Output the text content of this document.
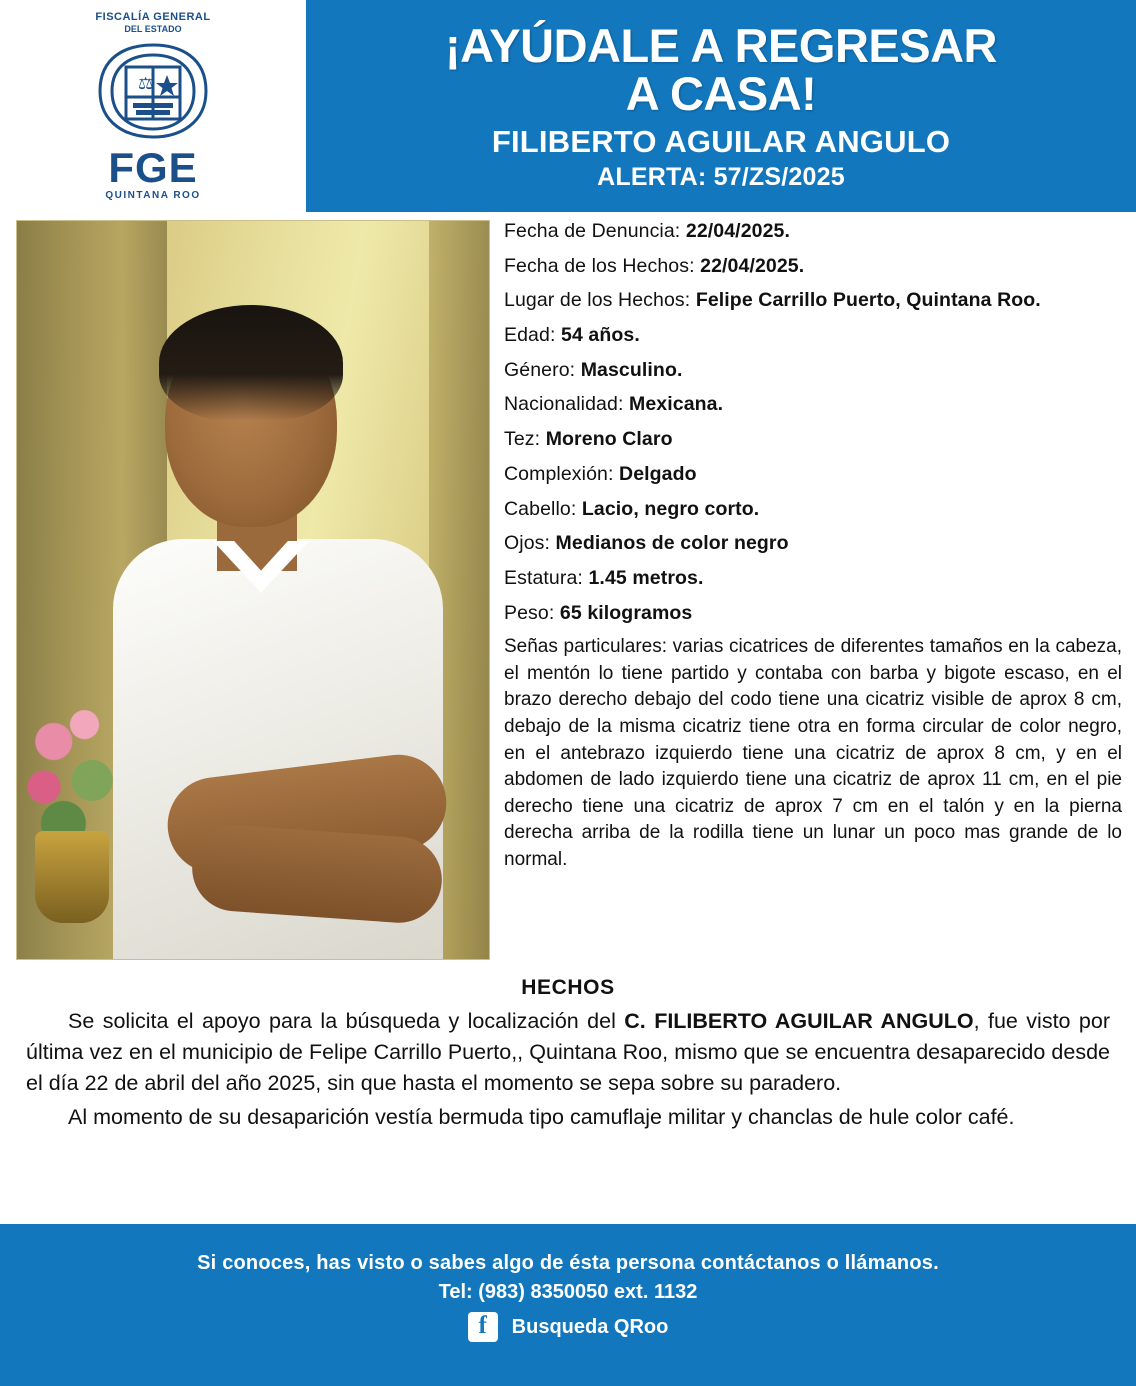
FISCALÍA GENERAL
DEL ESTADO
⚖
FGE
QUINTANA ROO
¡AYÚDALE A REGRESAR
A CASA!
FILIBERTO AGUILAR ANGULO
ALERTA: 57/ZS/2025
Fecha de Denuncia: 22/04/2025.
Fecha de los Hechos: 22/04/2025.
Lugar de los Hechos: Felipe Carrillo Puerto, Quintana Roo.
Edad: 54 años.
Género: Masculino.
Nacionalidad: Mexicana.
Tez: Moreno Claro
Complexión: Delgado
Cabello: Lacio, negro corto.
Ojos: Medianos de color negro
Estatura: 1.45 metros.
Peso: 65 kilogramos
Señas particulares: varias cicatrices de diferentes tamaños en la cabeza, el mentón lo tiene partido y contaba con barba y bigote escaso, en el brazo derecho debajo del codo tiene una cicatriz visible de aprox 8 cm, debajo de la misma cicatriz tiene otra en forma circular de color negro, en el antebrazo izquierdo tiene una cicatriz de aprox 8 cm, y en el abdomen de lado izquierdo tiene una cicatriz de aprox 11 cm, en el pie derecho tiene una cicatriz de aprox 7 cm en el talón y en la pierna derecha arriba de la rodilla tiene un lunar un poco mas grande de lo normal.
HECHOS

Se solicita el apoyo para la búsqueda y localización del C. FILIBERTO AGUILAR ANGULO, fue visto por última vez en el municipio de Felipe Carrillo Puerto,, Quintana Roo, mismo que se encuentra desaparecido desde el día 22 de abril del año 2025, sin que hasta el momento se sepa sobre su paradero.

Al momento de su desaparición vestía bermuda tipo camuflaje militar y chanclas de hule color café.

Si conoces, has visto o sabes algo de ésta persona contáctanos o llámanos.
Tel: (983) 8350050 ext. 1132
f	Busqueda QRoo
